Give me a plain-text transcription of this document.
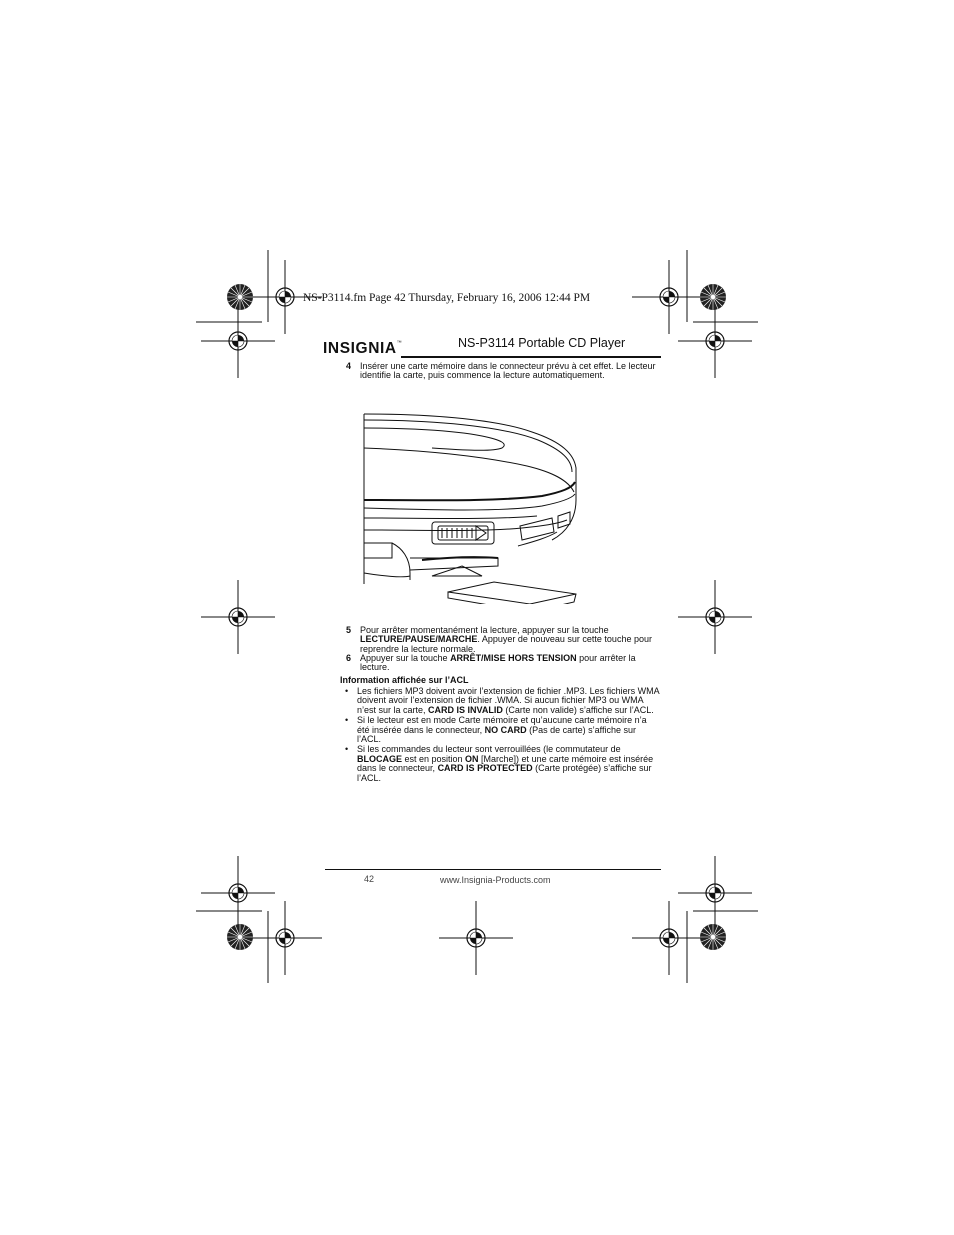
NS-P3114.fm Page 42 Thursday, February 16, 2006 12:44 PM
INSIGNIA™	NS-P3114 Portable CD Player
4 Insérer une carte mémoire dans le connecteur prévu à cet effet. Le lecteur identifie la carte, puis commence la lecture automatiquement.
5 Pour arrêter momentanément la lecture, appuyer sur la touche LECTURE/PAUSE/MARCHE. Appuyer de nouveau sur cette touche pour reprendre la lecture normale.
6 Appuyer sur la touche ARRÊT/MISE HORS TENSION pour arrêter la lecture.
Information affichée sur l’ACL
• Les fichiers MP3 doivent avoir l’extension de fichier .MP3. Les fichiers WMA doivent avoir l’extension de fichier .WMA. Si aucun fichier MP3 ou WMA n’est sur la carte, CARD IS INVALID (Carte non valide) s’affiche sur l’ACL.
• Si le lecteur est en mode Carte mémoire et qu’aucune carte mémoire n’a été insérée dans le connecteur, NO CARD (Pas de carte) s’affiche sur l’ACL.
• Si les commandes du lecteur sont verrouillées (le commutateur de BLOCAGE est en position ON [Marche]) et une carte mémoire est insérée dans le connecteur, CARD IS PROTECTED (Carte protégée) s’affiche sur l’ACL.
42	www.Insignia-Products.com
